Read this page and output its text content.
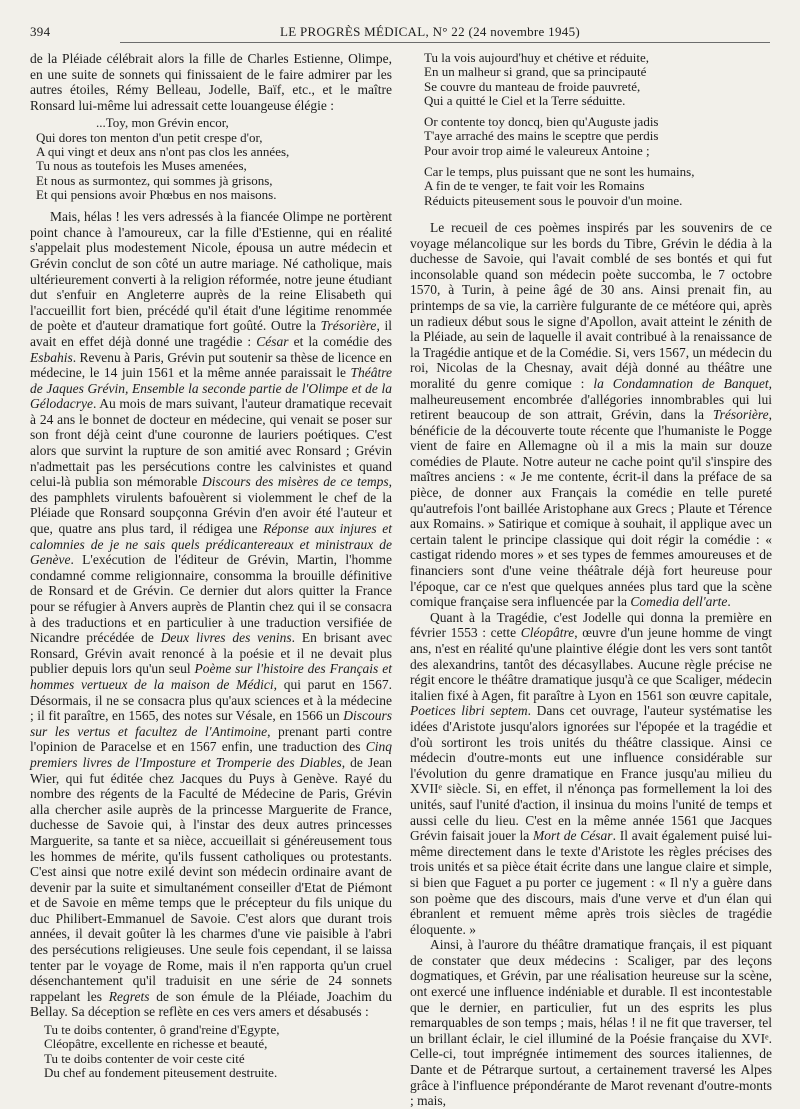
394	LE PROGRÈS MÉDICAL, N° 22 (24 novembre 1945)

de la Pléiade célébrait alors la fille de Charles Estienne, Olimpe, en une suite de sonnets qui finissaient de le faire admirer par les autres étoiles, Rémy Belleau, Jodelle, Baïf, etc., et le maître Ronsard lui-même lui adressait cette louangeuse élégie :

...Toy, mon Grévin encor,
Qui dores ton menton d'un petit crespe d'or,
A qui vingt et deux ans n'ont pas clos les années,
Tu nous as toutefois les Muses amenées,
Et nous as surmontez, qui sommes jà grisons,
Et qui pensions avoir Phœbus en nos maisons.

Mais, hélas ! les vers adressés à la fiancée Olimpe ne portèrent point chance à l'amoureux, car la fille d'Estienne, qui en réalité s'appelait plus modestement Nicole, épousa un autre médecin et Grévin conclut de son côté un autre mariage. Né catholique, mais ultérieurement converti à la religion réformée, notre jeune étudiant dut s'enfuir en Angleterre auprès de la reine Elisabeth qui l'accueillit fort bien, précédé qu'il était d'une légitime renommée de poète et d'auteur dramatique fort goûté. Outre la Trésorière, il avait en effet déjà donné une tragédie : César et la comédie des Esbahis. Revenu à Paris, Grévin put soutenir sa thèse de licence en médecine, le 14 juin 1561 et la même année paraissait le Théâtre de Jaques Grévin, Ensemble la seconde partie de l'Olimpe et de la Gélodacrye. Au mois de mars suivant, l'auteur dramatique recevait à 24 ans le bonnet de docteur en médecine, qui venait se poser sur son front déjà ceint d'une couronne de lauriers poétiques. C'est alors que survint la rupture de son amitié avec Ronsard ; Grévin n'admettait pas les persécutions contre les calvinistes et quand celui-là publia son mémorable Discours des misères de ce temps, des pamphlets virulents bafouèrent si violemment le chef de la Pléiade que Ronsard soupçonna Grévin d'en avoir été l'auteur et que, quatre ans plus tard, il rédigea une Réponse aux injures et calomnies de je ne sais quels prédicantereaux et ministraux de Genève. L'exécution de l'éditeur de Grévin, Martin, l'homme condamné comme religionnaire, consomma la brouille définitive de Ronsard et de Grévin. Ce dernier dut alors quitter la France pour se réfugier à Anvers auprès de Plantin chez qui il se consacra à des traductions et en particulier à une traduction versifiée de Nicandre précédée de Deux livres des venins. En brisant avec Ronsard, Grévin avait renoncé à la poésie et il ne devait plus publier depuis lors qu'un seul Poème sur l'histoire des Français et hommes vertueux de la maison de Médici, qui parut en 1567. Désormais, il ne se consacra plus qu'aux sciences et à la médecine ; il fit paraître, en 1565, des notes sur Vésale, en 1566 un Discours sur les vertus et facultez de l'Antimoine, prenant parti contre l'opinion de Paracelse et en 1567 enfin, une traduction des Cinq premiers livres de l'Imposture et Tromperie des Diables, de Jean Wier, qui fut éditée chez Jacques du Puys à Genève. Rayé du nombre des régents de la Faculté de Médecine de Paris, Grévin alla chercher asile auprès de la princesse Marguerite de France, duchesse de Savoie qui, à l'instar des deux autres princesses Marguerite, sa tante et sa nièce, accueillait si généreusement tous les hommes de mérite, qu'ils fussent catholiques ou protestants. C'est ainsi que notre exilé devint son médecin ordinaire avant de devenir par la suite et simultanément conseiller d'Etat de Piémont et de Savoie en même temps que le précepteur du fils unique du duc Philibert-Emmanuel de Savoie. C'est alors que durant trois années, il devait goûter là les charmes d'une vie paisible à l'abri des persécutions religieuses. Une seule fois cependant, il se laissa tenter par le voyage de Rome, mais il n'en rapporta qu'un cruel désenchantement qu'il traduisit en une série de 24 sonnets rappelant les Regrets de son émule de la Pléiade, Joachim du Bellay. Sa déception se reflète en ces vers amers et désabusés :

Tu te doibs contenter, ô grand'reine d'Egypte,
Cléopâtre, excellente en richesse et beauté,
Tu te doibs contenter de voir ceste cité
Du chef au fondement piteusement destruite.
Tu la vois aujourd'huy et chétive et réduite,
En un malheur si grand, que sa principauté
Se couvre du manteau de froide pauvreté,
Qui a quitté le Ciel et la Terre séduitte.
Or contente toy doncq, bien qu'Auguste jadis
T'aye arraché des mains le sceptre que perdis
Pour avoir trop aimé le valeureux Antoine ;
Car le temps, plus puissant que ne sont les humains,
A fin de te venger, te fait voir les Romains
Réduicts piteusement sous le pouvoir d'un moine.

Le recueil de ces poèmes inspirés par les souvenirs de ce voyage mélancolique sur les bords du Tibre, Grévin le dédia à la duchesse de Savoie, qui l'avait comblé de ses bontés et qui fut inconsolable quand son médecin poète succomba, le 7 octobre 1570, à Turin, à peine âgé de 30 ans. Ainsi prenait fin, au printemps de sa vie, la carrière fulgurante de ce météore qui, après un radieux début sous le signe d'Apollon, avait atteint le zénith de la Pléiade, au sein de laquelle il avait contribué à la renaissance de la Tragédie antique et de la Comédie. Si, vers 1567, un médecin du roi, Nicolas de la Chesnay, avait déjà donné au théâtre une moralité du genre comique : la Condamnation de Banquet, malheureusement encombrée d'allégories innombrables qui lui retirent beaucoup de son attrait, Grévin, dans la Trésorière, bénéficie de la découverte toute récente que l'humaniste le Pogge vient de faire en Allemagne où il a mis la main sur douze comédies de Plaute. Notre auteur ne cache point qu'il s'inspire des maîtres anciens : « Je me contente, écrit-il dans la préface de sa pièce, de donner aux Français la comédie en telle pureté qu'autrefois l'ont baillée Aristophane aux Grecs ; Plaute et Térence aux Romains. » Satirique et comique à souhait, il applique avec un certain talent le principe classique qui doit régir la comédie : « castigat ridendo mores » et ses types de femmes amoureuses et de financiers sont d'une veine théâtrale déjà fort heureuse pour l'époque, car ce n'est que quelques années plus tard que la scène comique française sera influencée par la Comedia dell'arte.

Quant à la Tragédie, c'est Jodelle qui donna la première en février 1553 : cette Cléopâtre, œuvre d'un jeune homme de vingt ans, n'est en réalité qu'une plaintive élégie dont les vers sont tantôt des alexandrins, tantôt des décasyllabes. Aucune règle précise ne régit encore le théâtre dramatique jusqu'à ce que Scaliger, médecin italien fixé à Agen, fit paraître à Lyon en 1561 son œuvre capitale, Poetices libri septem. Dans cet ouvrage, l'auteur systématise les idées d'Aristote jusqu'alors ignorées sur l'épopée et la tragédie et d'où sortiront les trois unités du théâtre classique. Ainsi ce médecin d'outre-monts eut une influence considérable sur l'évolution du genre dramatique en France jusqu'au milieu du XVIIᵉ siècle. Si, en effet, il n'énonça pas formellement la loi des unités, sauf l'unité d'action, il insinua du moins l'unité de temps et aussi celle du lieu. C'est en la même année 1561 que Jacques Grévin faisait jouer la Mort de César. Il avait également puisé lui-même directement dans le texte d'Aristote les règles précises des trois unités et sa pièce était écrite dans une langue claire et simple, si bien que Faguet a pu porter ce jugement : « Il n'y a guère dans son poème que des discours, mais d'une verve et d'un élan qui ébranlent et remuent même après trois siècles de tragédie éloquente. »

Ainsi, à l'aurore du théâtre dramatique français, il est piquant de constater que deux médecins : Scaliger, par des leçons dogmatiques, et Grévin, par une réalisation heureuse sur la scène, ont exercé une influence indéniable et durable. Il est incontestable que le dernier, en particulier, fut un des esprits les plus remarquables de son temps ; mais, hélas ! il ne fit que traverser, tel un brillant éclair, le ciel illuminé de la Poésie française du XVIᵉ. Celle-ci, tout imprégnée intimement des sources italiennes, de Dante et de Pétrarque surtout, a certainement traversé les Alpes grâce à l'influence prépondérante de Marot revenant d'outre-monts ; mais,
